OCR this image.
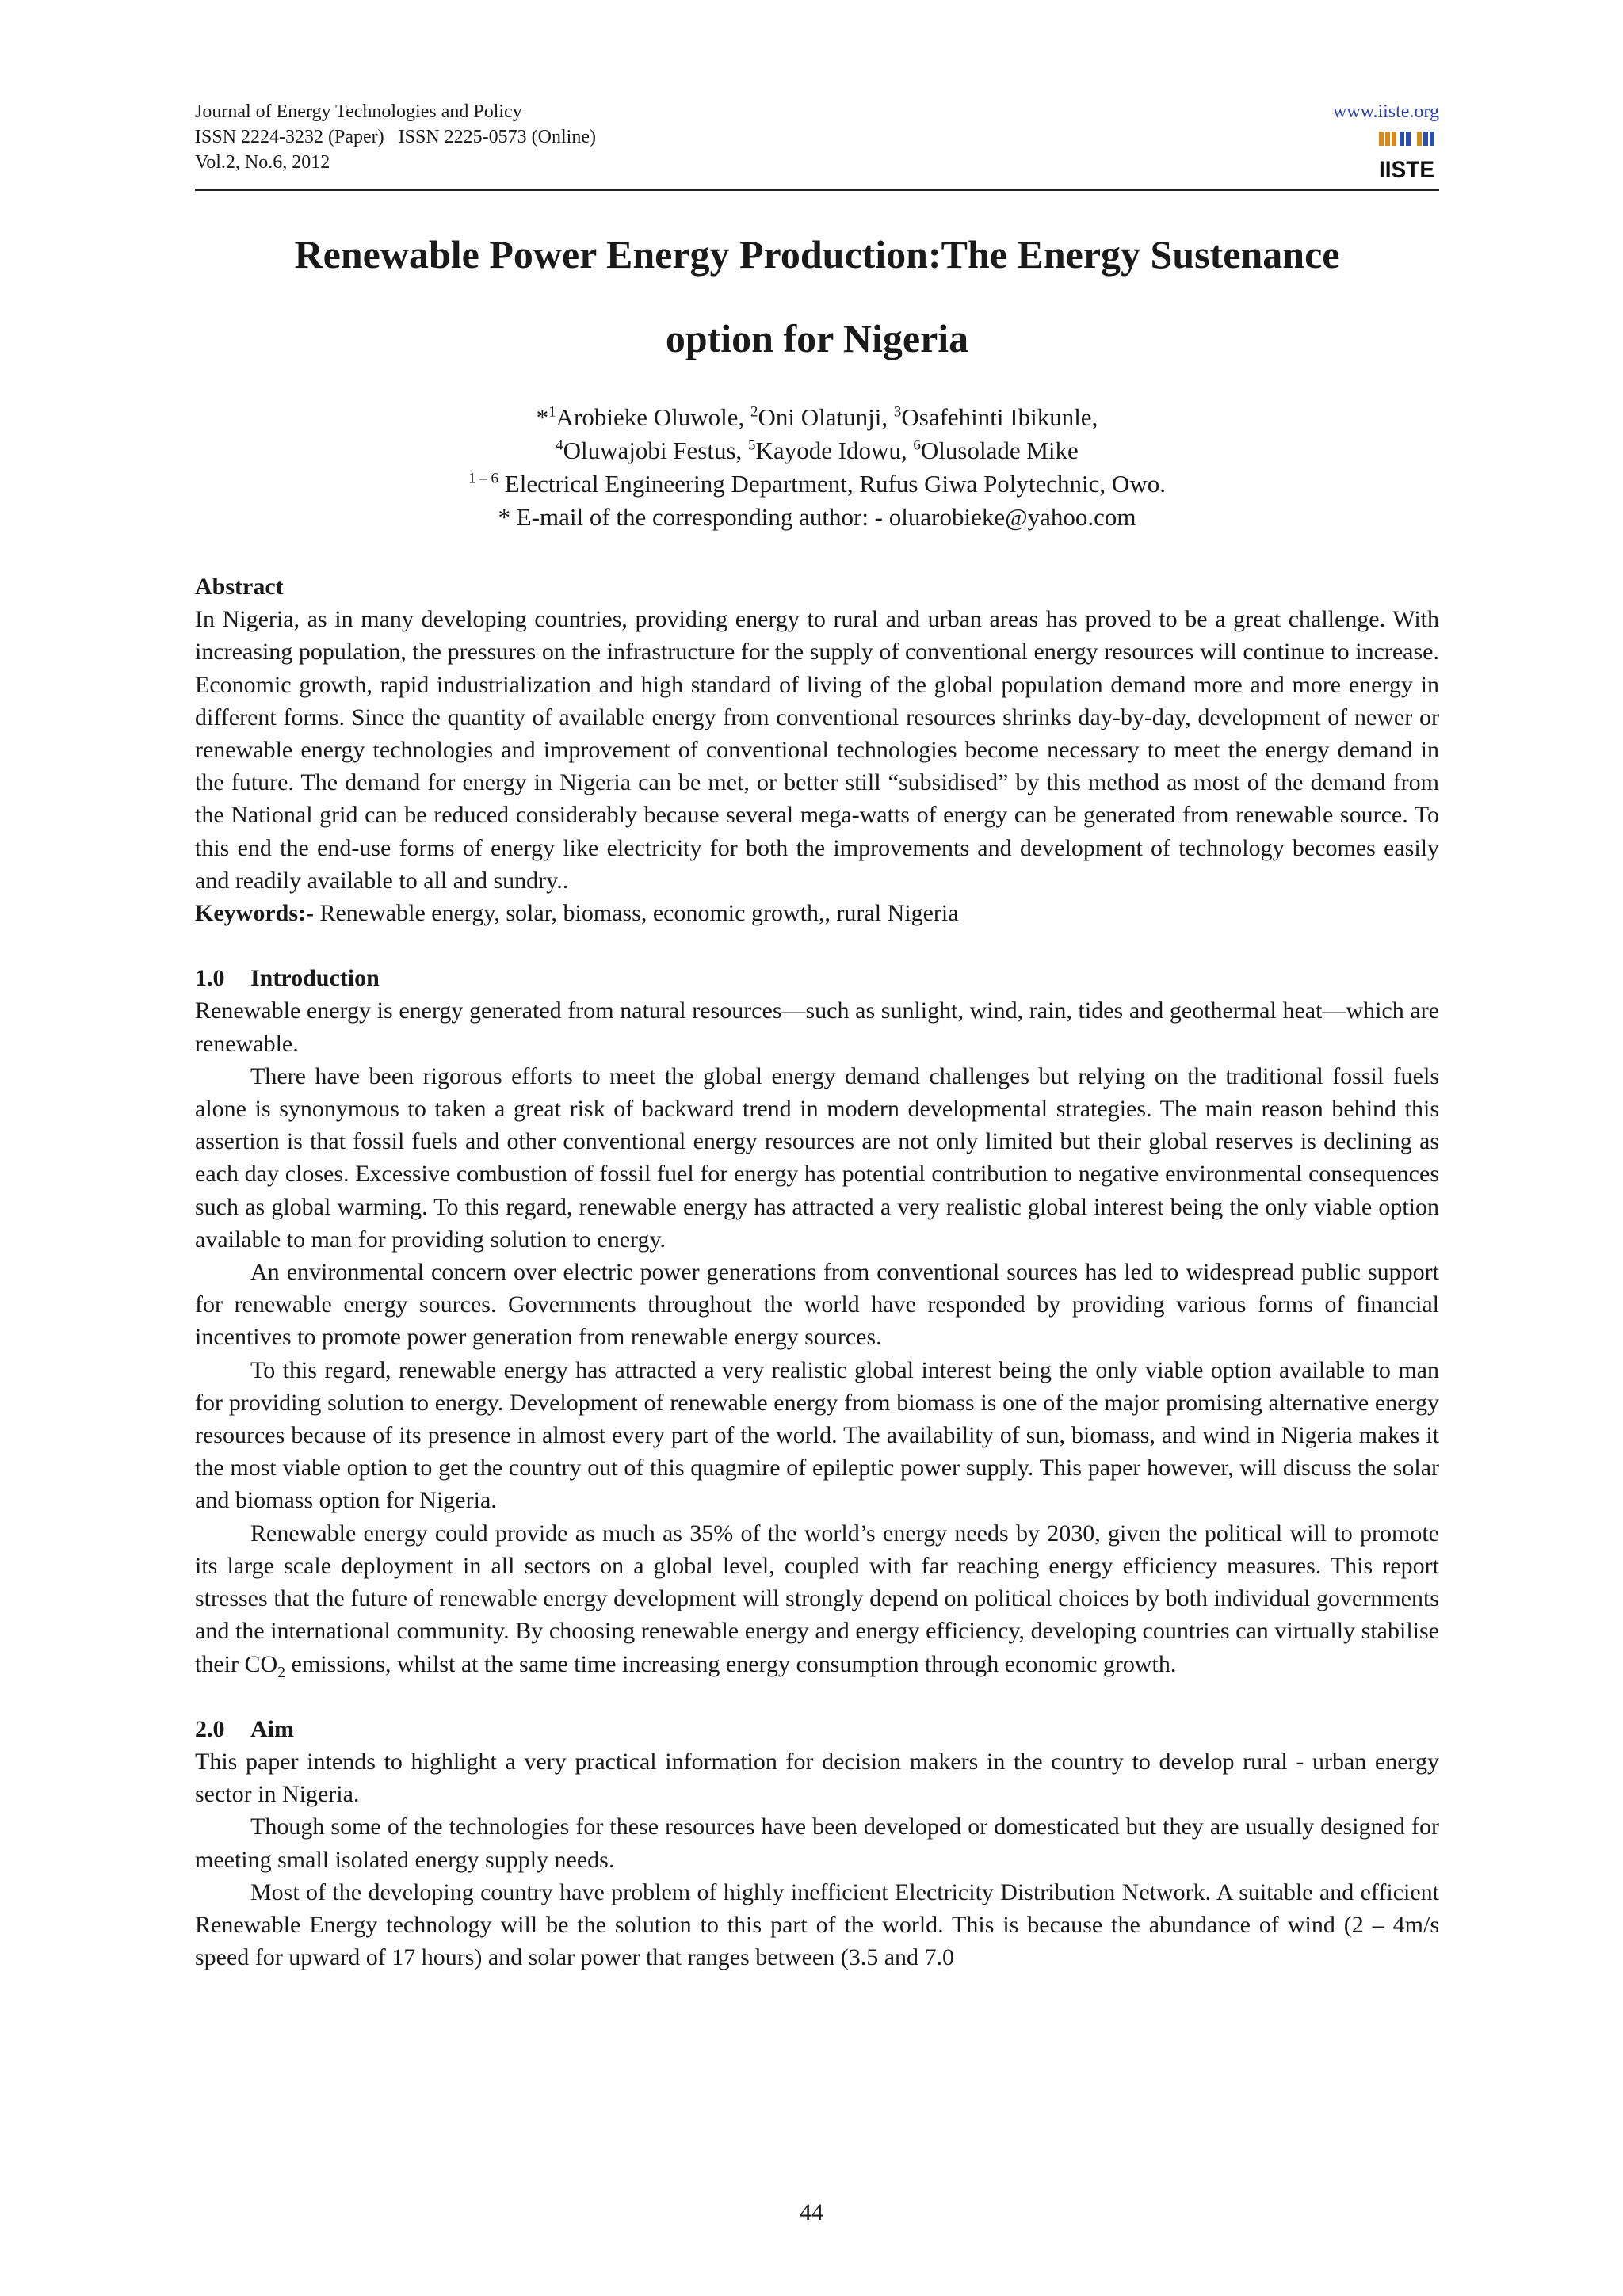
Journal of Energy Technologies and Policy
ISSN 2224-3232 (Paper)   ISSN 2225-0573 (Online)
Vol.2, No.6, 2012
www.iiste.org
IISTE
Renewable Power Energy Production:The Energy Sustenance
option for Nigeria
*$^1$Arobieke Oluwole, $^2$Oni Olatunji, $^3$Osafehinti Ibikunle,
$^4$Oluwajobi Festus, $^5$Kayode Idowu, $^6$Olusolade Mike
$^{1 - 6}$ Electrical Engineering Department, Rufus Giwa Polytechnic, Owo.
* E-mail of the corresponding author: - oluarobieke@yahoo.com

Abstract

In Nigeria, as in many developing countries, providing energy to rural and urban areas has proved to be a great challenge. With increasing population, the pressures on the infrastructure for the supply of conventional energy resources will continue to increase. Economic growth, rapid industrialization and high standard of living of the global population demand more and more energy in different forms. Since the quantity of available energy from conventional resources shrinks day-by-day, development of newer or renewable energy technologies and improvement of conventional technologies become necessary to meet the energy demand in the future. The demand for energy in Nigeria can be met, or better still “subsidised” by this method as most of the demand from the National grid can be reduced considerably because several mega-watts of energy can be generated from renewable source. To this end the end-use forms of energy like electricity for both the improvements and development of technology becomes easily and readily available to all and sundry..

Keywords:- Renewable energy, solar, biomass, economic growth,, rural Nigeria

1.0 Introduction

Renewable energy is energy generated from natural resources—such as sunlight, wind, rain, tides and geothermal heat—which are renewable.

There have been rigorous efforts to meet the global energy demand challenges but relying on the traditional fossil fuels alone is synonymous to taken a great risk of backward trend in modern developmental strategies. The main reason behind this assertion is that fossil fuels and other conventional energy resources are not only limited but their global reserves is declining as each day closes. Excessive combustion of fossil fuel for energy has potential contribution to negative environmental consequences such as global warming. To this regard, renewable energy has attracted a very realistic global interest being the only viable option available to man for providing solution to energy.

An environmental concern over electric power generations from conventional sources has led to widespread public support for renewable energy sources. Governments throughout the world have responded by providing various forms of financial incentives to promote power generation from renewable energy sources.

To this regard, renewable energy has attracted a very realistic global interest being the only viable option available to man for providing solution to energy. Development of renewable energy from biomass is one of the major promising alternative energy resources because of its presence in almost every part of the world. The availability of sun, biomass, and wind in Nigeria makes it the most viable option to get the country out of this quagmire of epileptic power supply. This paper however, will discuss the solar and biomass option for Nigeria.

Renewable energy could provide as much as 35% of the world’s energy needs by 2030, given the political will to promote its large scale deployment in all sectors on a global level, coupled with far reaching energy efficiency measures. This report stresses that the future of renewable energy development will strongly depend on political choices by both individual governments and the international community. By choosing renewable energy and energy efficiency, developing countries can virtually stabilise their $CO_2$ emissions, whilst at the same time increasing energy consumption through economic growth.

2.0 Aim

This paper intends to highlight a very practical information for decision makers in the country to develop rural - urban energy sector in Nigeria.

Though some of the technologies for these resources have been developed or domesticated but they are usually designed for meeting small isolated energy supply needs.

Most of the developing country have problem of highly inefficient Electricity Distribution Network. A suitable and efficient Renewable Energy technology will be the solution to this part of the world. This is because the abundance of wind (2 – 4m/s speed for upward of 17 hours) and solar power that ranges between (3.5 and 7.0

44
